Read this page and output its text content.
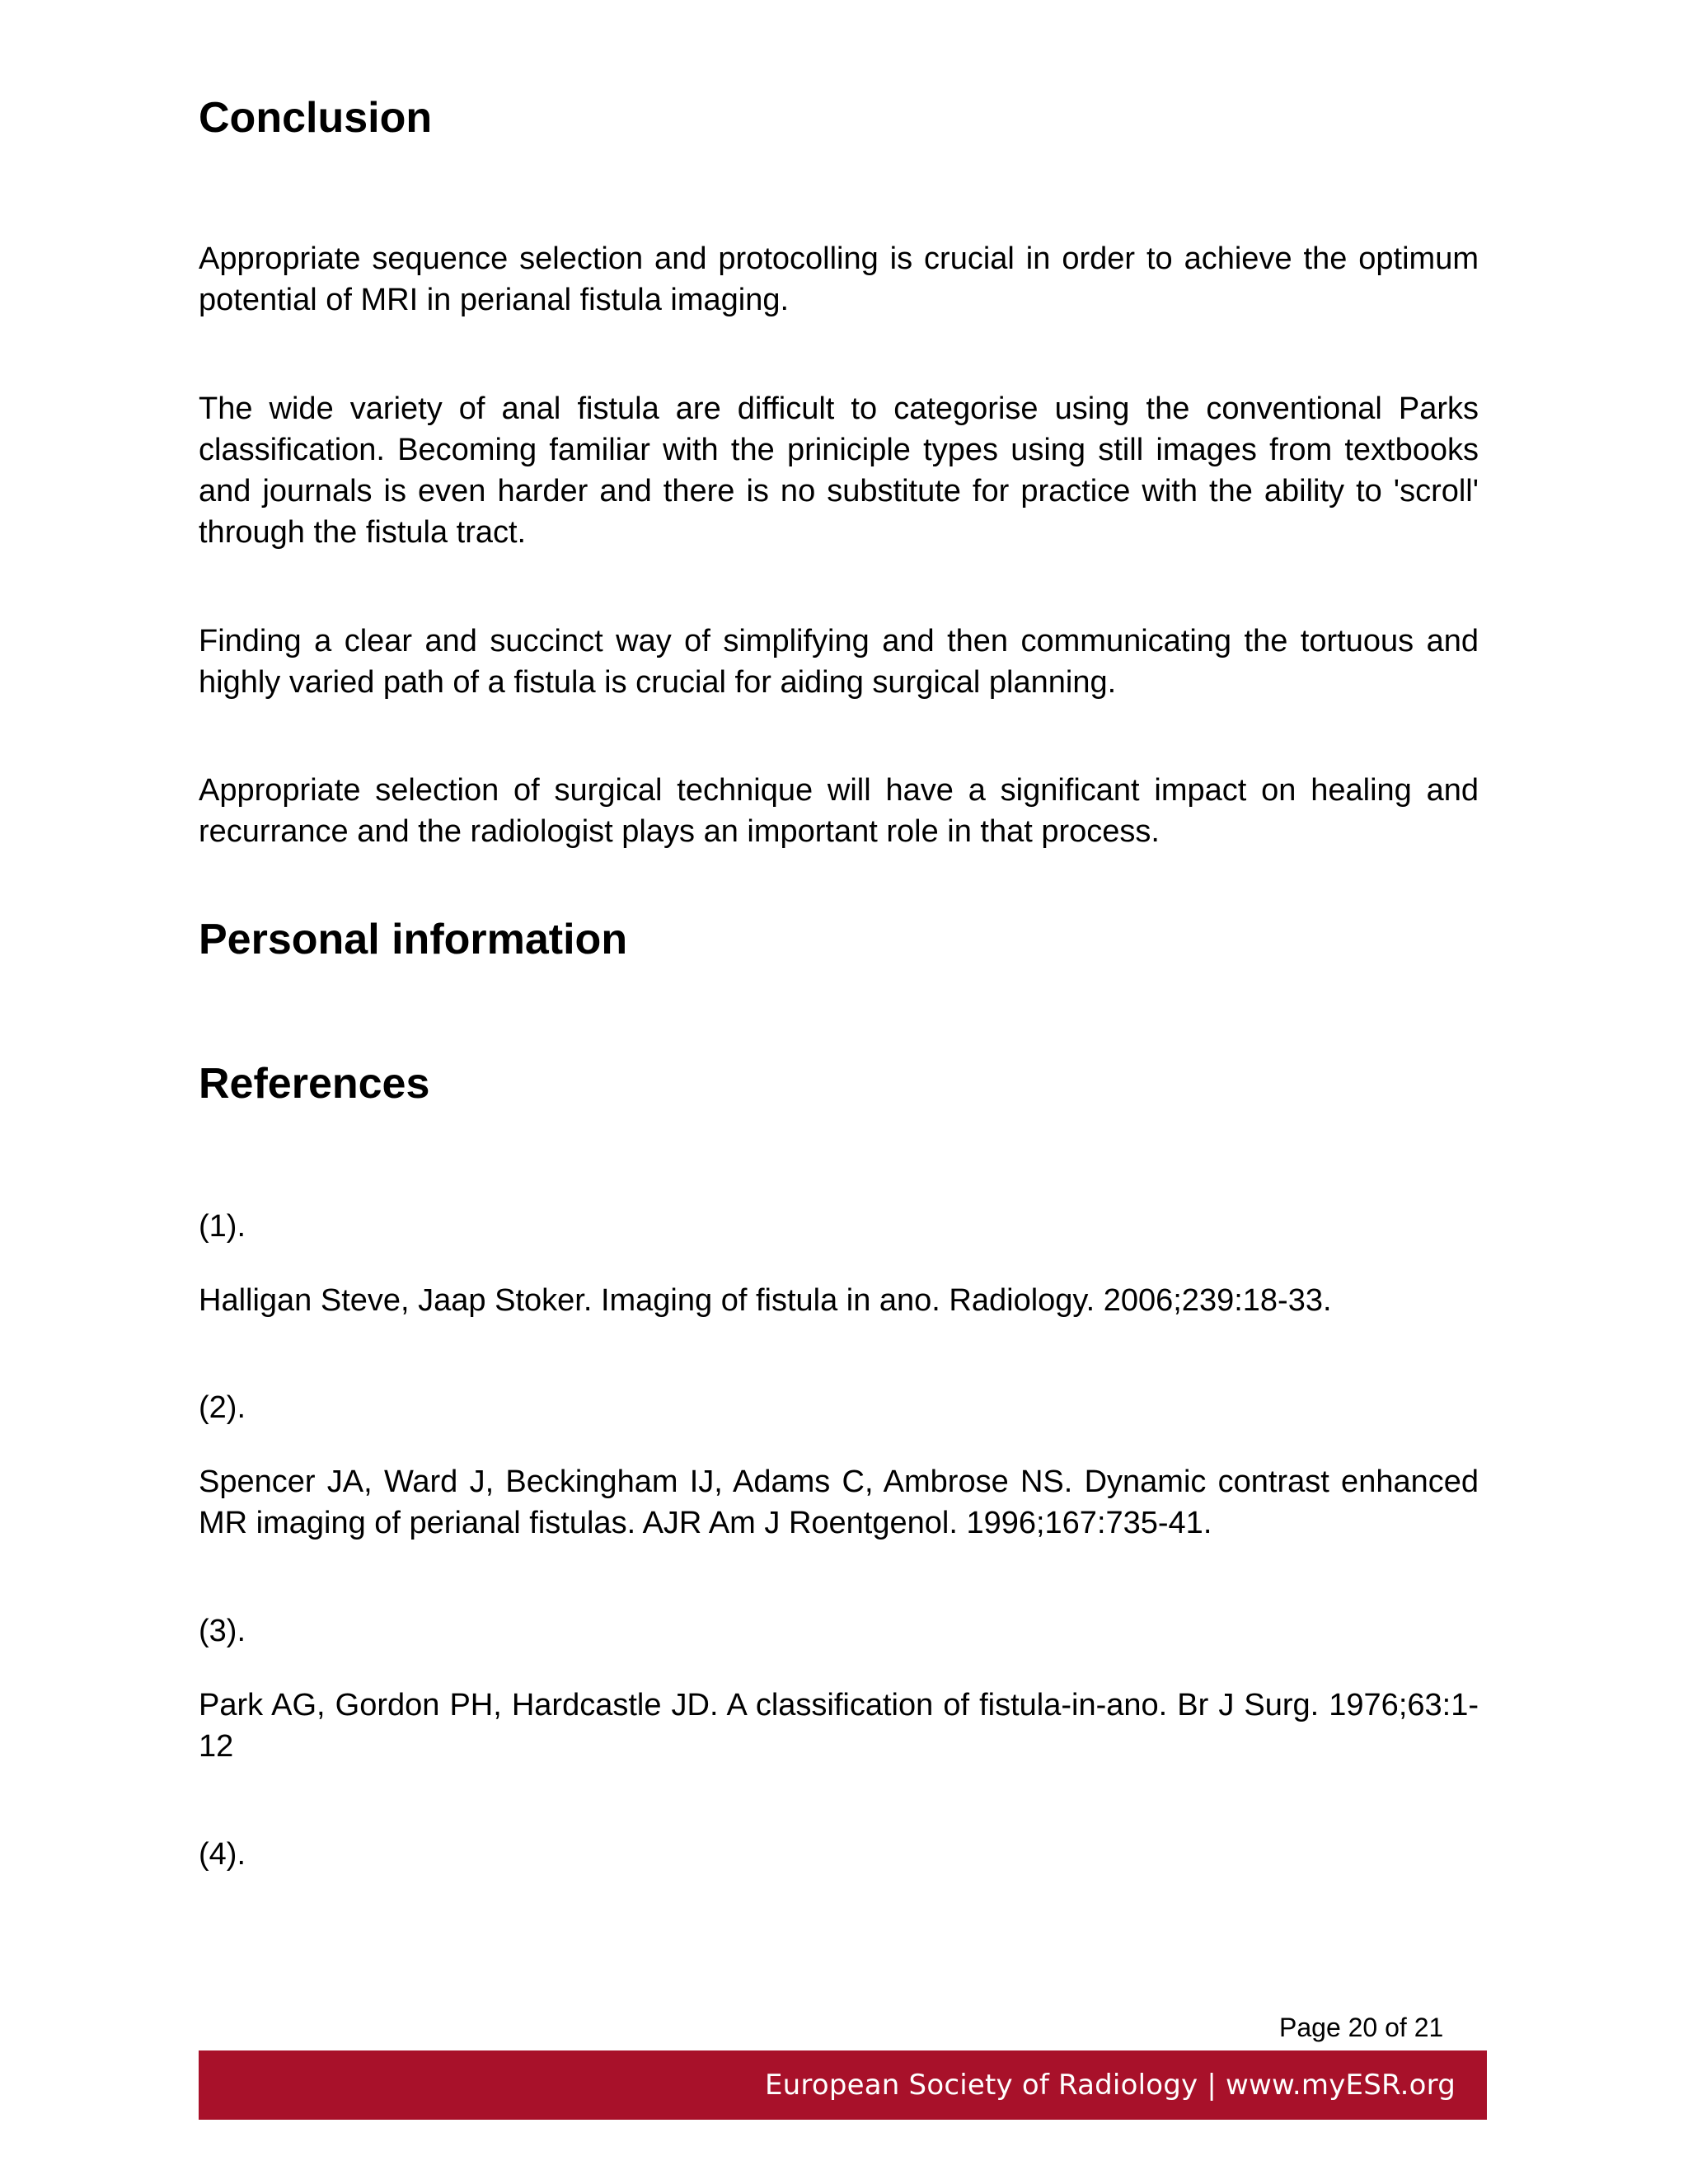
Conclusion

Appropriate sequence selection and protocolling is crucial in order to achieve the optimum potential of MRI in perianal fistula imaging.

The wide variety of anal fistula are difficult to categorise using the conventional Parks classification. Becoming familiar with the priniciple types using still images from textbooks and journals is even harder and there is no substitute for practice with the ability to 'scroll' through the fistula tract.

Finding a clear and succinct way of simplifying and then communicating the tortuous and highly varied path of a fistula is crucial for aiding surgical planning.

Appropriate selection of surgical technique will have a significant impact on healing and recurrance and the radiologist plays an important role in that process.

Personal information
References

(1).

Halligan Steve, Jaap Stoker. Imaging of fistula in ano. Radiology. 2006;239:18-33.

(2).

Spencer JA, Ward J, Beckingham IJ, Adams C, Ambrose NS. Dynamic contrast enhanced MR imaging of perianal fistulas. AJR Am J Roentgenol. 1996;167:735-41.

(3).

Park AG, Gordon PH, Hardcastle JD. A classification of fistula-in-ano. Br J Surg. 1976;63:1-12

(4).

Page 20 of 21
European Society of Radiology | www.myESR.org
